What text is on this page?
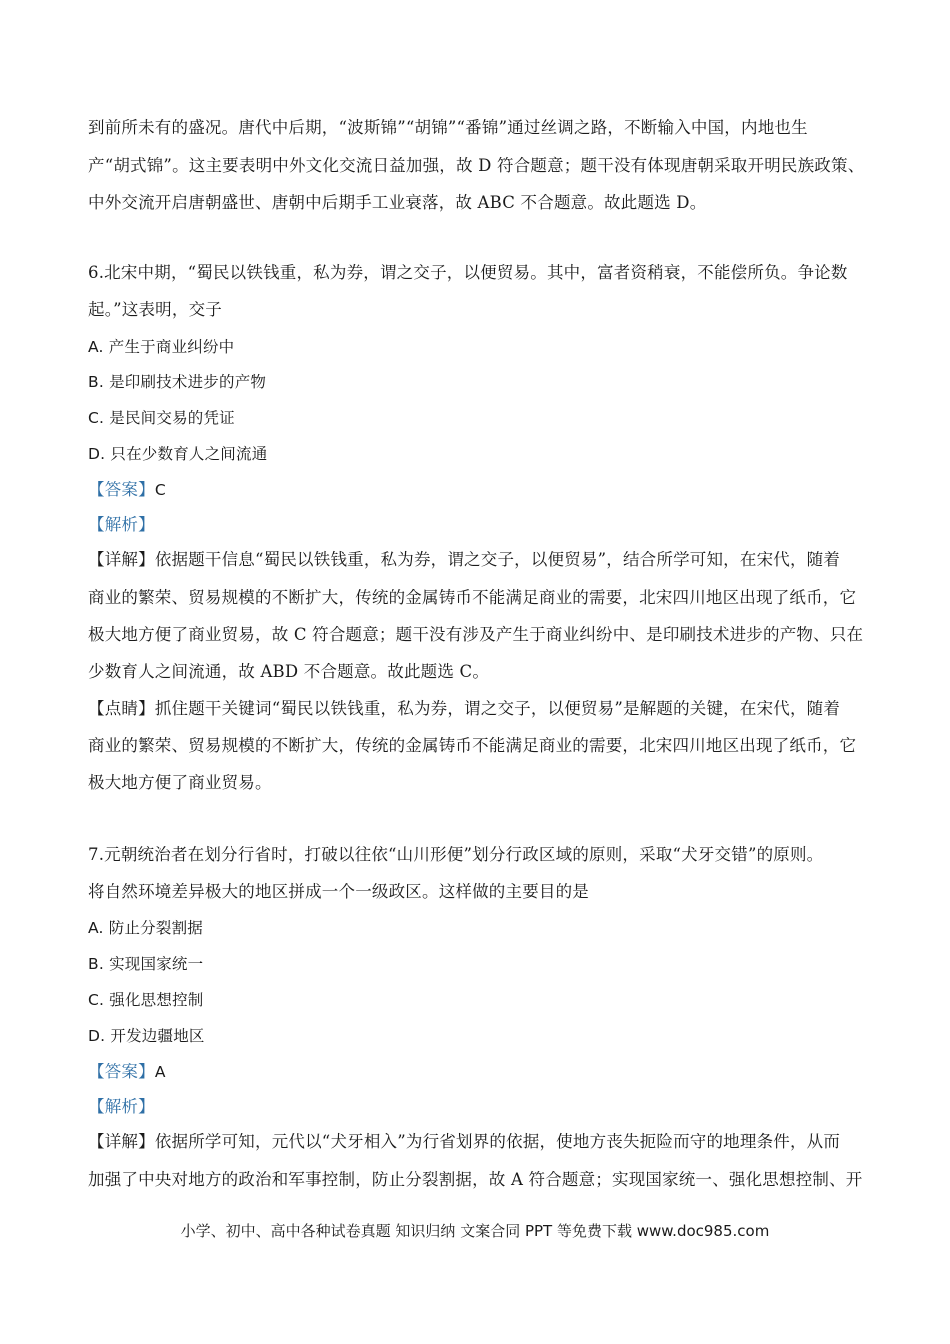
到前所未有的盛况。唐代中后期，“波斯锦”“胡锦”“番锦”通过丝调之路，不断输入中国，内地也生
产“胡式锦”。这主要表明中外文化交流日益加强，故 D 符合题意；题干没有体现唐朝采取开明民族政策、
中外交流开启唐朝盛世、唐朝中后期手工业衰落，故 ABC 不合题意。故此题选 D。
6.北宋中期，“蜀民以铁钱重，私为券，谓之交子，以便贸易。其中，富者资稍衰，不能偿所负。争论数
起。”这表明，交子
A. 产生于商业纠纷中
B. 是印刷技术进步的产物
C. 是民间交易的凭证
D. 只在少数育人之间流通
【答案】C
【解析】
【详解】依据题干信息“蜀民以铁钱重，私为券，谓之交子，以便贸易”，结合所学可知，在宋代，随着
商业的繁荣、贸易规模的不断扩大，传统的金属铸币不能满足商业的需要，北宋四川地区出现了纸币，它
极大地方便了商业贸易，故 C 符合题意；题干没有涉及产生于商业纠纷中、是印刷技术进步的产物、只在
少数育人之间流通，故 ABD 不合题意。故此题选 C。
【点睛】抓住题干关键词“蜀民以铁钱重，私为券，谓之交子，以便贸易”是解题的关键，在宋代，随着
商业的繁荣、贸易规模的不断扩大，传统的金属铸币不能满足商业的需要，北宋四川地区出现了纸币，它
极大地方便了商业贸易。
7.元朝统治者在划分行省时，打破以往依“山川形便”划分行政区域的原则，采取“犬牙交错”的原则。
将自然环境差异极大的地区拼成一个一级政区。这样做的主要目的是
A. 防止分裂割据
B. 实现国家统一
C. 强化思想控制
D. 开发边疆地区
【答案】A
【解析】
【详解】依据所学可知，元代以“犬牙相入”为行省划界的依据，使地方丧失扼险而守的地理条件，从而
加强了中央对地方的政治和军事控制，防止分裂割据，故 A 符合题意；实现国家统一、强化思想控制、开
小学、初中、高中各种试卷真题 知识归纳 文案合同 PPT 等免费下载 www.doc985.com
